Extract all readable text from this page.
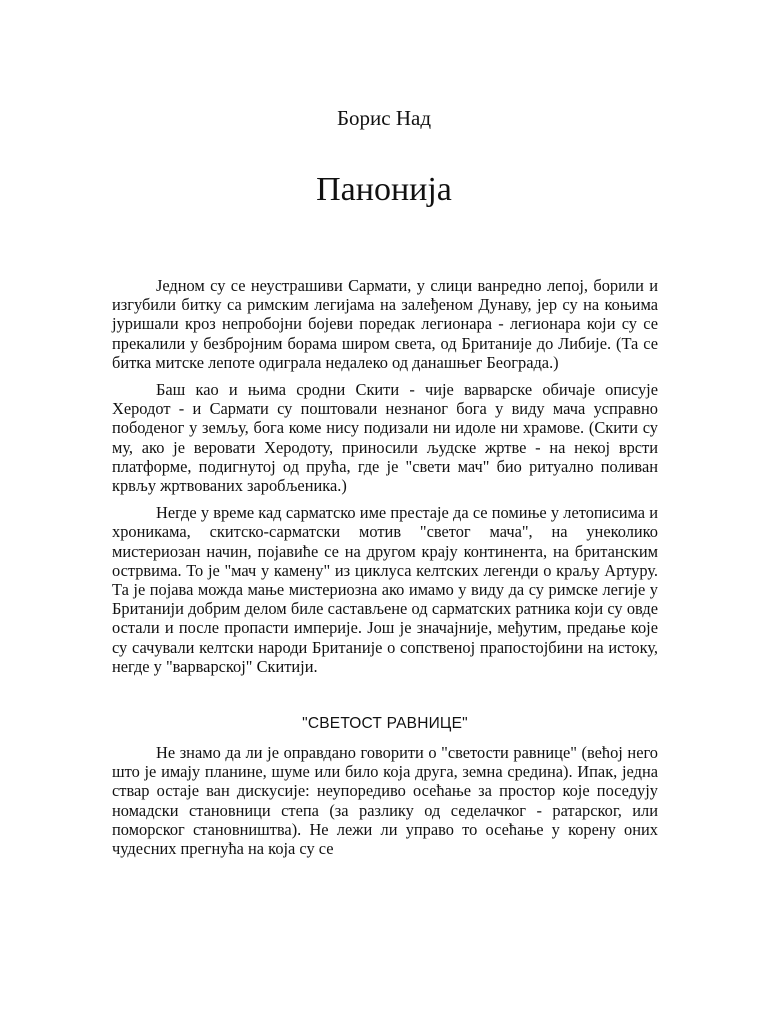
Борис Над
Панонија

Једном су се неустрашиви Сармати, у слици ванредно лепој, борили и изгубили битку са римским легијама на залеђеном Дунаву, јер су на коњима јуришали кроз непробојни бојеви поредак легионара - легионара који су се прекалили у безбројним борама широм света, од Британије до Либије. (Та се битка митске лепоте одиграла недалеко од данашњег Београда.)

Баш као и њима сродни Скити - чије варварске обичаје описује Херодот - и Сармати су поштовали незнаног бога у виду мача усправно пободеног у земљу, бога коме нису подизали ни идоле ни храмове. (Скити су му, ако је веровати Херодоту, приносили људске жртве - на некој врсти платформе, подигнутој од прућа, где је "свети мач" био ритуално поливан крвљу жртвованих заробљеника.)

Негде у време кад сарматско име престаје да се помиње у летописима и хроникама, скитско-сарматски мотив "светог мача", на унеколико мистериозан начин, појавиће се на другом крају континента, на британским острвима. То је "мач у камену" из циклуса келтских легенди о краљу Артуру. Та је појава можда мање мистериозна ако имамо у виду да су римске легије у Британији добрим делом биле састављене од сарматских ратника који су овде остали и после пропасти империје. Још је значајније, међутим, предање које су сачували келтски народи Британије о сопственој прапостојбини на истоку, негде у "варварској" Скитији.

"СВЕТОСТ РАВНИЦЕ"

Не знамо да ли је оправдано говорити о "светости равнице" (већој него што је имају планине, шуме или било која друга, земна средина). Ипак, једна ствар остаје ван дискусије: неупоредиво осећање за простор које поседују номадски становници степа (за разлику од седелачког - ратарског, или поморског становништва). Не лежи ли управо то осећање у корену оних чудесних прегнућа на која су се
